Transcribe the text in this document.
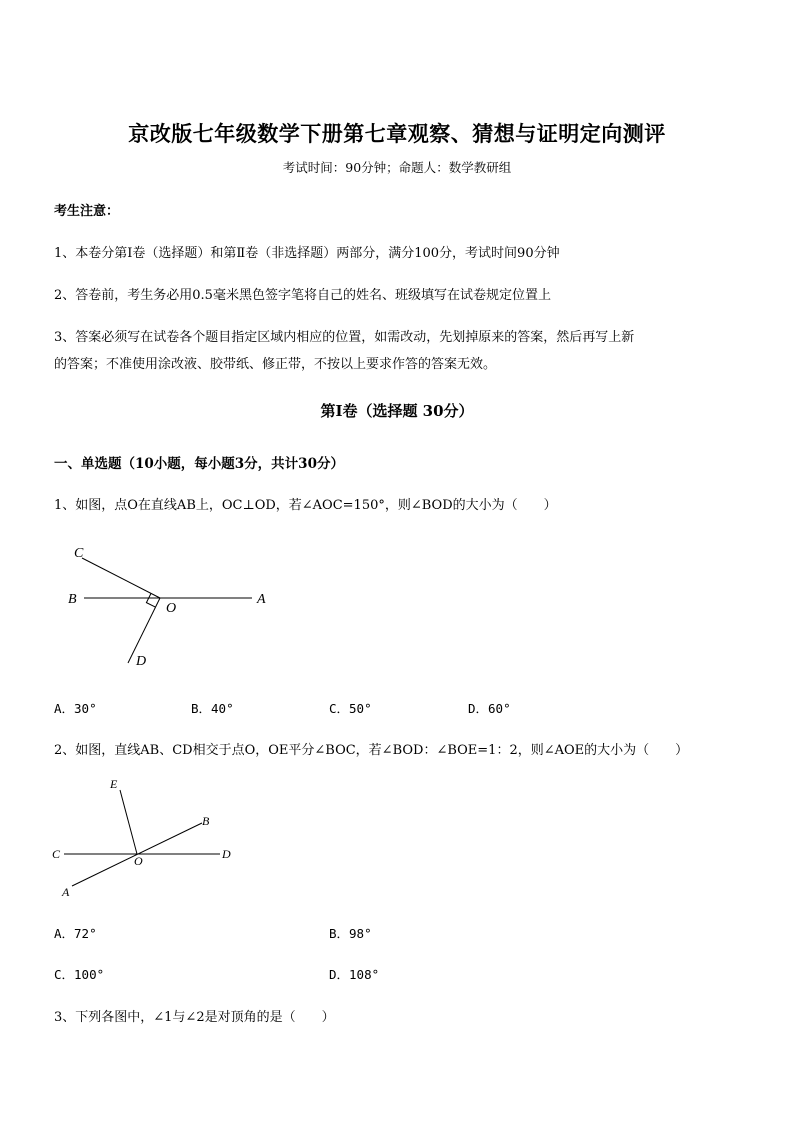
京改版七年级数学下册第七章观察、猜想与证明定向测评
考试时间：90分钟；命题人：数学教研组
考生注意：
1、本卷分第Ⅰ卷（选择题）和第Ⅱ卷（非选择题）两部分，满分100分，考试时间90分钟
2、答卷前，考生务必用0.5毫米黑色签字笔将自己的姓名、班级填写在试卷规定位置上
3、答案必须写在试卷各个题目指定区域内相应的位置，如需改动，先划掉原来的答案，然后再写上新
的答案；不准使用涂改液、胶带纸、修正带，不按以上要求作答的答案无效。
第Ⅰ卷（选择题 30分）
一、单选题（10小题，每小题3分，共计30分）
1、如图，点O在直线AB上，OC⊥OD，若∠AOC=150°，则∠BOD的大小为（　　）
C
B
O
A
D
A．30°	B．40°	C．50°	D．60°
2、如图，直线AB、CD相交于点O，OE平分∠BOC，若∠BOD：∠BOE=1：2，则∠AOE的大小为（　　）
E
B
C	O	D
A
A．72°	B．98°
C．100°	D．108°
3、下列各图中，∠1与∠2是对顶角的是（　　）
